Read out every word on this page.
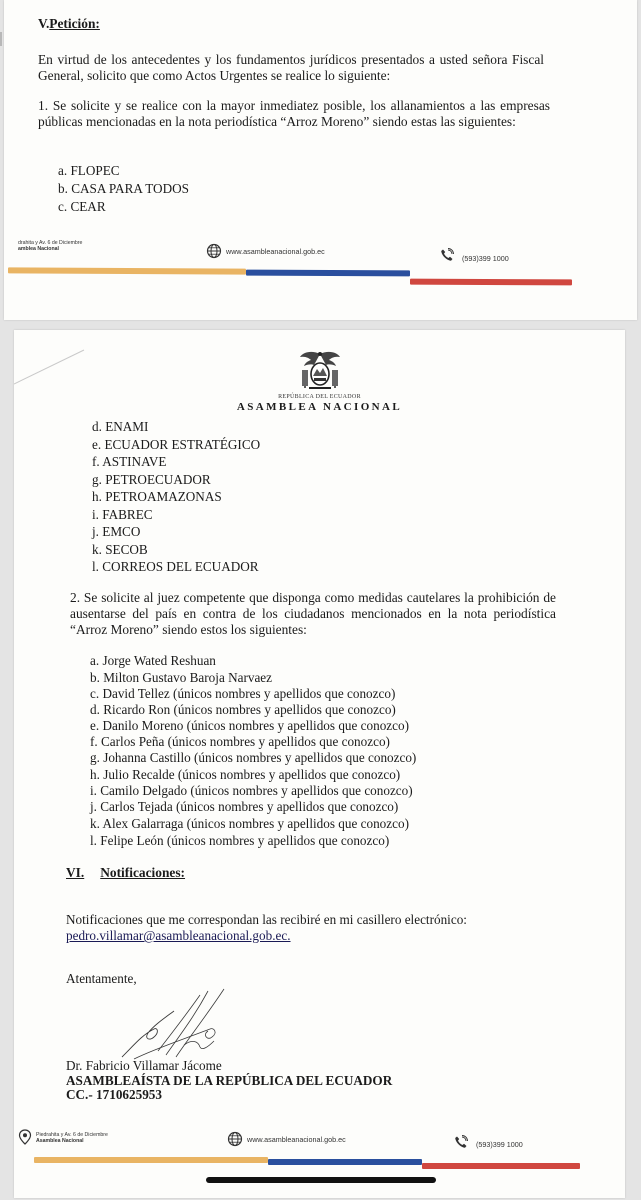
V.Petición:
En virtud de los antecedentes y los fundamentos jurídicos presentados a usted señora Fiscal General, solicito que como Actos Urgentes se realice lo siguiente:
1. Se solicite y se realice con la mayor inmediatez posible, los allanamientos a las empresas públicas mencionadas en la nota periodística “Arroz Moreno” siendo estas las siguientes:
a. FLOPEC
b. CASA PARA TODOS
c. CEAR
drahita y Av. 6 de Diciembre
amblea Nacional	www.asambleanacional.gob.ec
(593)399 1000
REPÚBLICA DEL ECUADOR
ASAMBLEA NACIONAL
d. ENAMI
e. ECUADOR ESTRATÉGICO
f. ASTINAVE
g. PETROECUADOR
h. PETROAMAZONAS
i. FABREC
j. EMCO
k. SECOB
l. CORREOS DEL ECUADOR
2. Se solicite al juez competente que disponga como medidas cautelares la prohibición de ausentarse del país en contra de los ciudadanos mencionados en la nota periodística “Arroz Moreno” siendo estos los siguientes:
a. Jorge Wated Reshuan
b. Milton Gustavo Baroja Narvaez
c. David Tellez (únicos nombres y apellidos que conozco)
d. Ricardo Ron (únicos nombres y apellidos que conozco)
e. Danilo Moreno (únicos nombres y apellidos que conozco)
f. Carlos Peña (únicos nombres y apellidos que conozco)
g. Johanna Castillo (únicos nombres y apellidos que conozco)
h. Julio Recalde (únicos nombres y apellidos que conozco)
i. Camilo Delgado (únicos nombres y apellidos que conozco)
j. Carlos Tejada (únicos nombres y apellidos que conozco)
k. Alex Galarraga (únicos nombres y apellidos que conozco)
l. Felipe León (únicos nombres y apellidos que conozco)
VI. Notificaciones:
Notificaciones que me correspondan las recibiré en mi casillero electrónico:
pedro.villamar@asambleanacional.gob.ec.
Atentamente,
Dr. Fabricio Villamar Jácome
ASAMBLEAÍSTA DE LA REPÚBLICA DEL ECUADOR
CC.- 1710625953
Piedrahita y Av. 6 de Diciembre
Asamblea Nacional	www.asambleanacional.gob.ec
(593)399 1000
